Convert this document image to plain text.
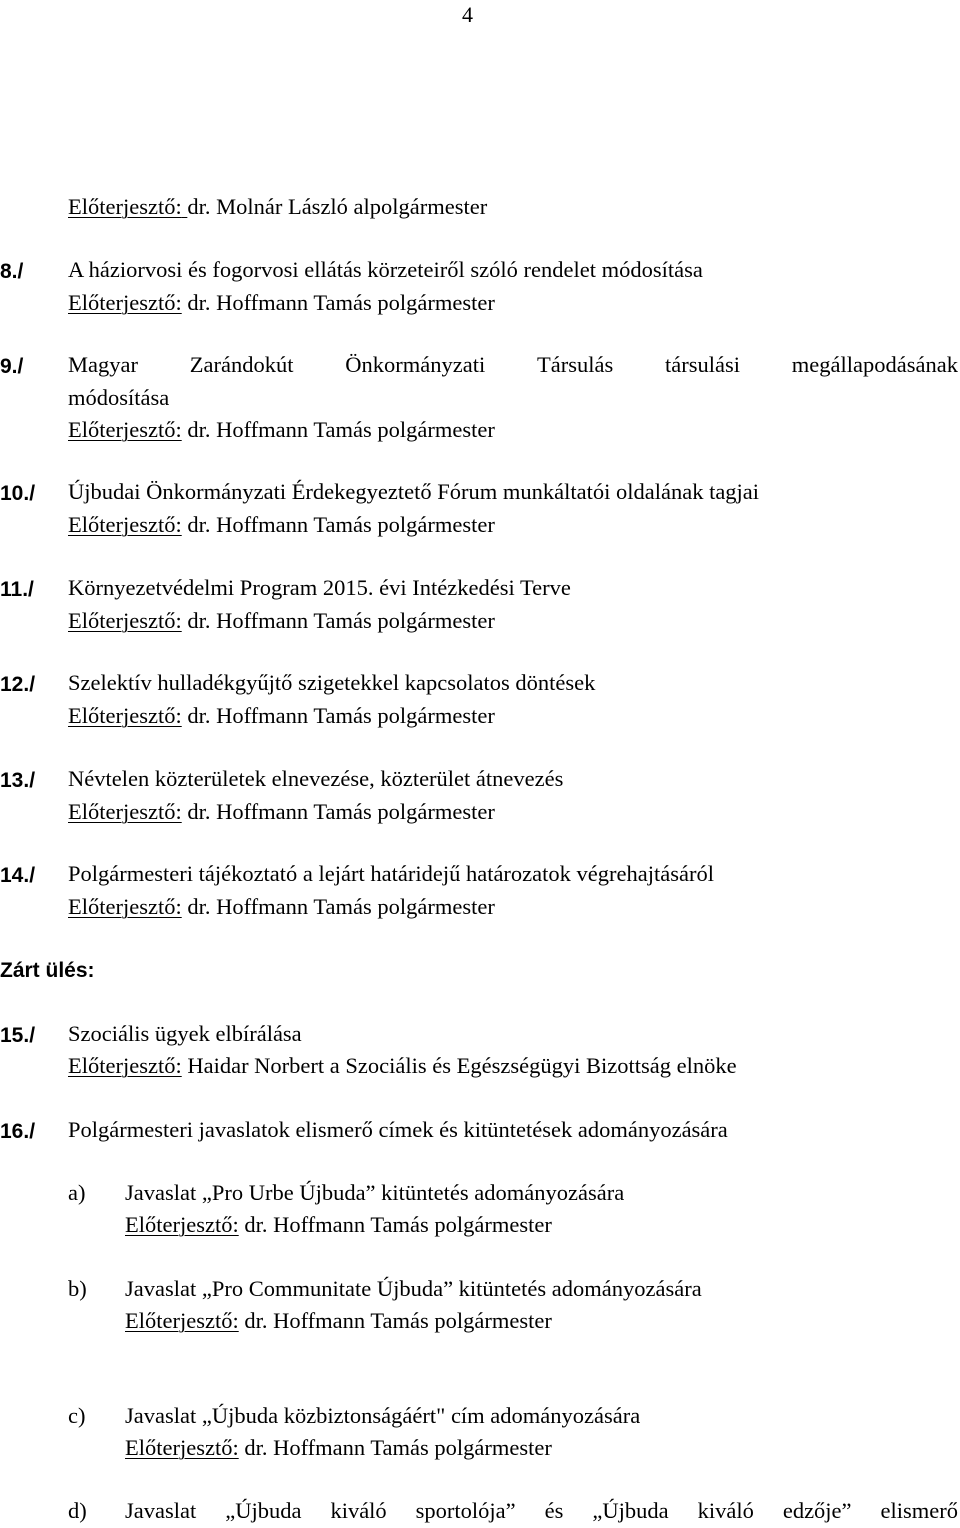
4
Előterjesztő: dr. Molnár László alpolgármester
8./ A háziorvosi és fogorvosi ellátás körzeteiről szóló rendelet módosítása
Előterjesztő: dr. Hoffmann Tamás polgármester
9./ Magyar Zarándokút Önkormányzati Társulás társulási megállapodásának
módosítása
Előterjesztő: dr. Hoffmann Tamás polgármester
10./ Újbudai Önkormányzati Érdekegyeztető Fórum munkáltatói oldalának tagjai
Előterjesztő: dr. Hoffmann Tamás polgármester
11./ Környezetvédelmi Program 2015. évi Intézkedési Terve
Előterjesztő: dr. Hoffmann Tamás polgármester
12./ Szelektív hulladékgyűjtő szigetekkel kapcsolatos döntések
Előterjesztő: dr. Hoffmann Tamás polgármester
13./ Névtelen közterületek elnevezése, közterület átnevezés
Előterjesztő: dr. Hoffmann Tamás polgármester
14./ Polgármesteri tájékoztató a lejárt határidejű határozatok végrehajtásáról
Előterjesztő: dr. Hoffmann Tamás polgármester
Zárt ülés:
15./ Szociális ügyek elbírálása
Előterjesztő: Haidar Norbert a Szociális és Egészségügyi Bizottság elnöke
16./ Polgármesteri javaslatok elismerő címek és kitüntetések adományozására
a) Javaslat „Pro Urbe Újbuda” kitüntetés adományozására
Előterjesztő: dr. Hoffmann Tamás polgármester
b) Javaslat „Pro Communitate Újbuda” kitüntetés adományozására
Előterjesztő: dr. Hoffmann Tamás polgármester
c) Javaslat „Újbuda közbiztonságáért" cím adományozására
Előterjesztő: dr. Hoffmann Tamás polgármester
d) Javaslat „Újbuda kiváló sportolója” és „Újbuda kiváló edzője” elismerő
